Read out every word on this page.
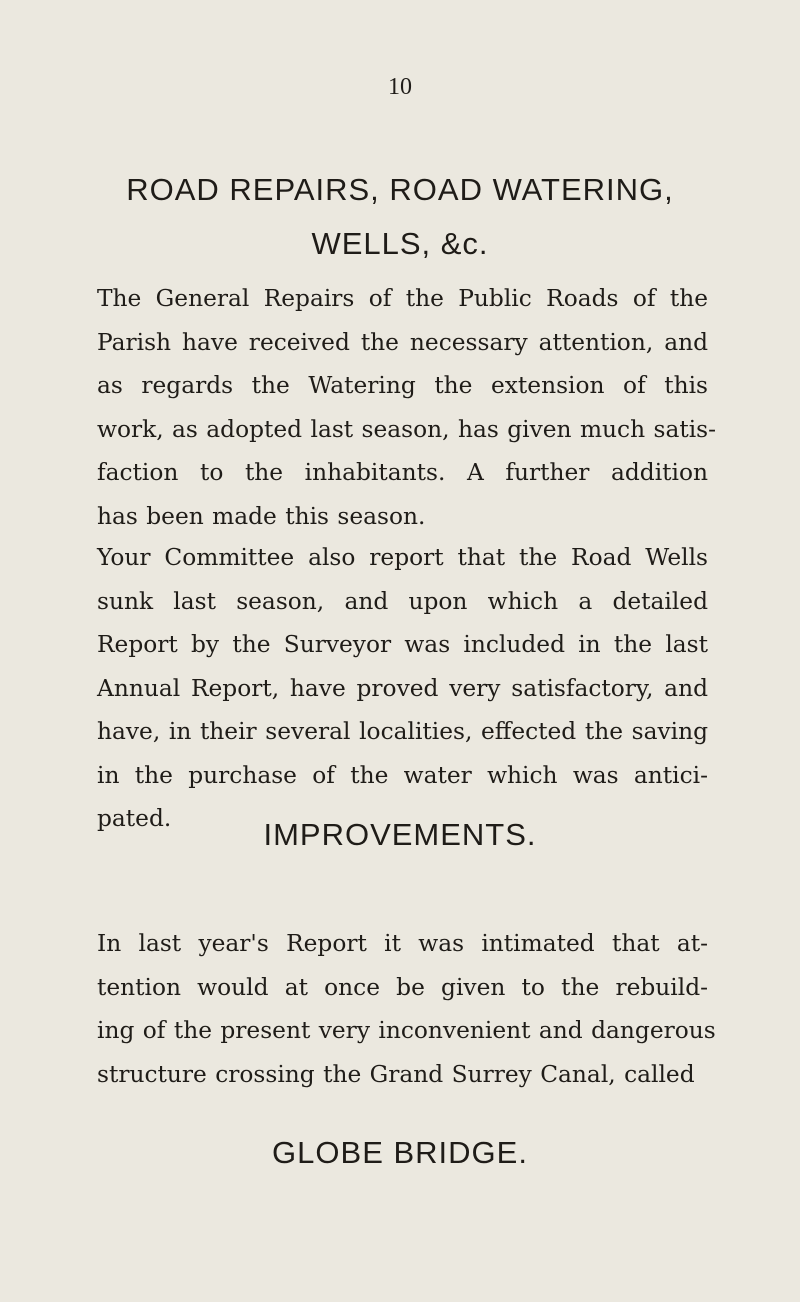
10
ROAD REPAIRS, ROAD WATERING,
WELLS, &c.
The General Repairs of the Public Roads of the
Parish have received the necessary attention, and
as regards the Watering the extension of this
work, as adopted last season, has given much satis-
faction to the inhabitants. A further addition
has been made this season.
Your Committee also report that the Road Wells
sunk last season, and upon which a detailed
Report by the Surveyor was included in the last
Annual Report, have proved very satisfactory, and
have, in their several localities, effected the saving
in the purchase of the water which was antici-
pated.	IMPROVEMENTS.
In last year's Report it was intimated that at-
tention would at once be given to the rebuild-
ing of the present very inconvenient and dangerous
structure crossing the Grand Surrey Canal, called
GLOBE BRIDGE.
